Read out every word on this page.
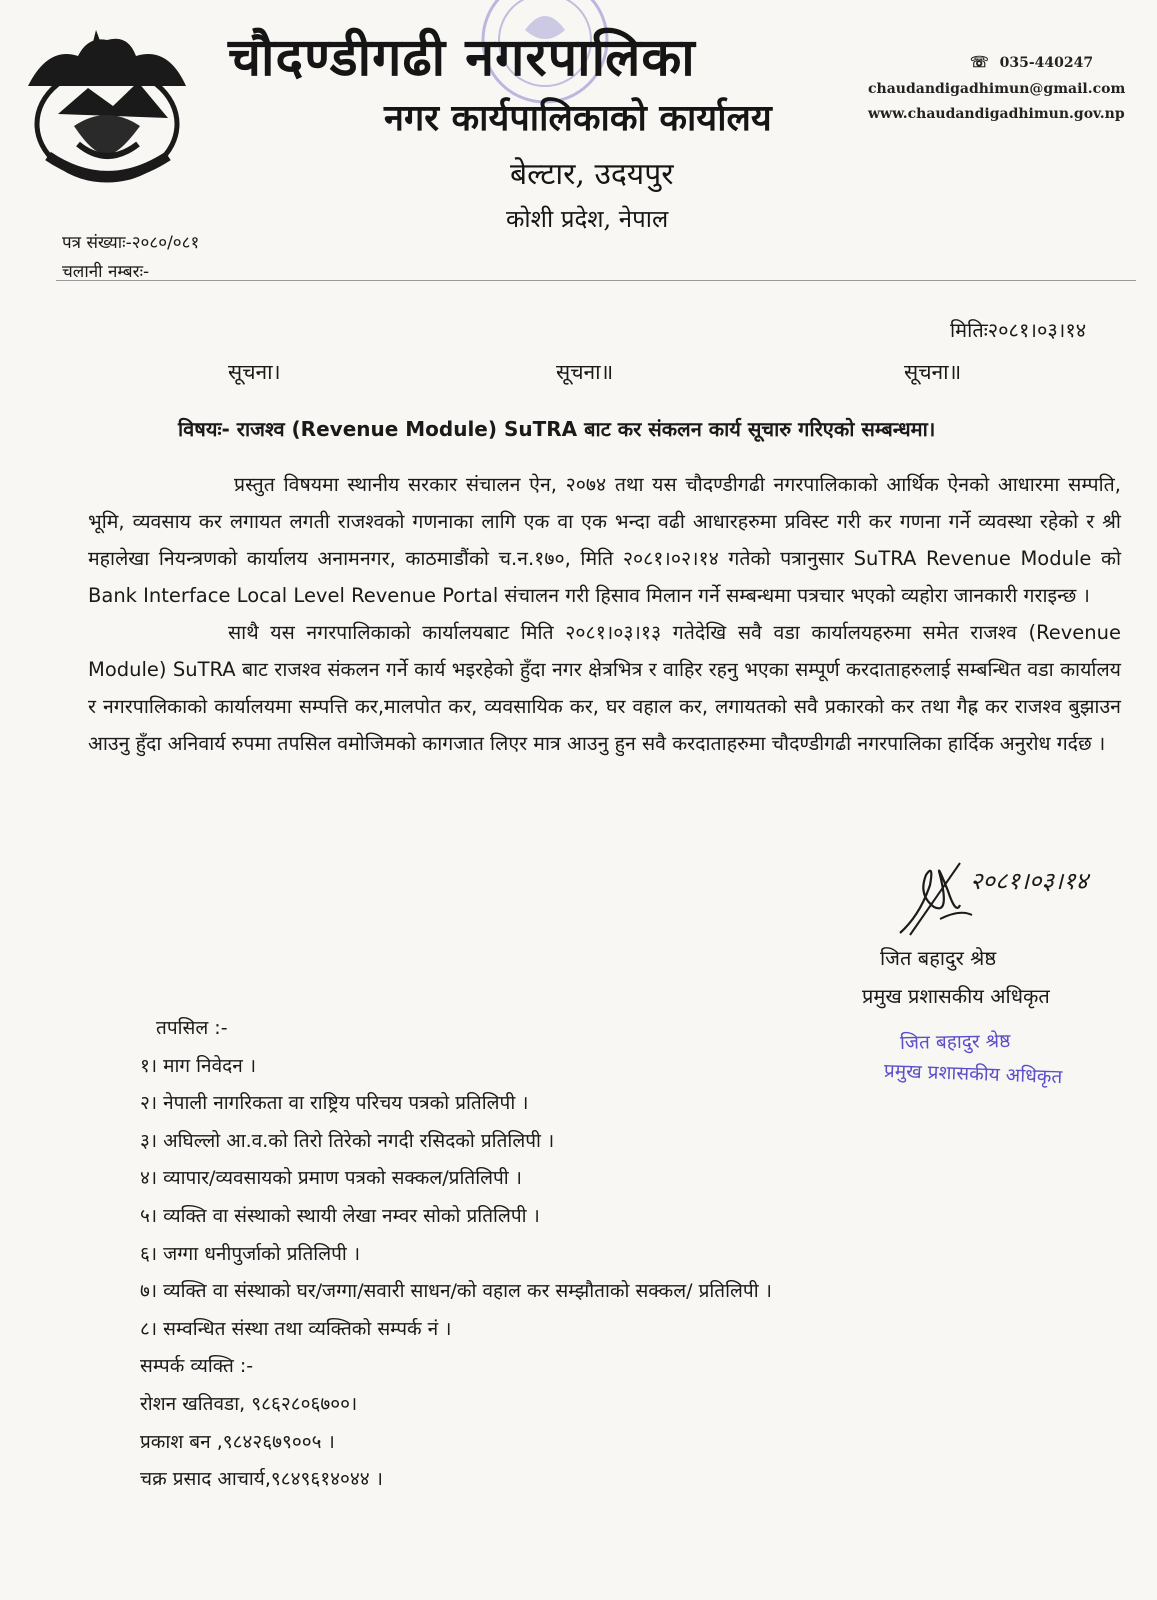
चौदण्डीगढी नगरपालिका
नगर कार्यपालिकाको कार्यालय
बेल्टार, उदयपुर
कोशी प्रदेश, नेपाल
☏ 035-440247
chaudandigadhimun@gmail.com
www.chaudandigadhimun.gov.np
पत्र संख्याः-२०८०/०८१
चलानी नम्बरः-
मितिः२०८१।०३।१४
सूचना।	सूचना॥	सूचना॥
विषयः- राजश्व (Revenue Module) SuTRA बाट कर संकलन कार्य सूचारु गरिएको सम्बन्धमा।

प्रस्तुत विषयमा स्थानीय सरकार संचालन ऐन, २०७४ तथा यस चौदण्डीगढी नगरपालिकाको आर्थिक ऐनको आधारमा सम्पति, भूमि, व्यवसाय कर लगायत लगती राजश्वको गणनाका लागि एक वा एक भन्दा वढी आधारहरुमा प्रविस्ट गरी कर गणना गर्ने व्यवस्था रहेको र श्री महालेखा नियन्त्रणको कार्यालय अनामनगर, काठमाडौंको च.न.१७०, मिति २०८१।०२।१४ गतेको पत्रानुसार SuTRA Revenue Module को Bank Interface Local Level Revenue Portal संचालन गरी हिसाव मिलान गर्ने सम्बन्धमा पत्रचार भएको व्यहोरा जानकारी गराइन्छ ।

साथै यस नगरपालिकाको कार्यालयबाट मिति २०८१।०३।१३ गतेदेखि सवै वडा कार्यालयहरुमा समेत राजश्व (Revenue Module) SuTRA बाट राजश्व संकलन गर्ने कार्य भइरहेको हुँदा नगर क्षेत्रभित्र र वाहिर रहनु भएका सम्पूर्ण करदाताहरुलाई सम्बन्धित वडा कार्यालय र नगरपालिकाको कार्यालयमा सम्पत्ति कर,मालपोत कर, व्यवसायिक कर, घर वहाल कर, लगायतको सवै प्रकारको कर तथा गैह्र कर राजश्व बुझाउन आउनु हुँदा अनिवार्य रुपमा तपसिल वमोजिमको कागजात लिएर मात्र आउनु हुन सवै करदाताहरुमा चौदण्डीगढी नगरपालिका हार्दिक अनुरोध गर्दछ ।

२०८१।०३।१४
जित बहादुर श्रेष्ठ
प्रमुख प्रशासकीय अधिकृत
जित बहादुर श्रेष्ठ
प्रमुख प्रशासकीय अधिकृत
तपसिल :-
१। माग निवेदन ।
२। नेपाली नागरिकता वा राष्ट्रिय परिचय पत्रको प्रतिलिपी ।
३। अघिल्लो आ.व.को तिरो तिरेको नगदी रसिदको प्रतिलिपी ।
४। व्यापार/व्यवसायको प्रमाण पत्रको सक्कल/प्रतिलिपी ।
५। व्यक्ति वा संस्थाको स्थायी लेखा नम्वर सोको प्रतिलिपी ।
६। जग्गा धनीपुर्जाको प्रतिलिपी ।
७। व्यक्ति वा संस्थाको घर/जग्गा/सवारी साधन/को वहाल कर सम्झौताको सक्कल/ प्रतिलिपी ।
८। सम्वन्धित संस्था तथा व्यक्तिको सम्पर्क नं ।
सम्पर्क व्यक्ति :-
रोशन खतिवडा, ९८६२८०६७००।
प्रकाश बन ,९८४२६७९००५ ।
चक्र प्रसाद आचार्य,९८४९६१४०४४ ।
